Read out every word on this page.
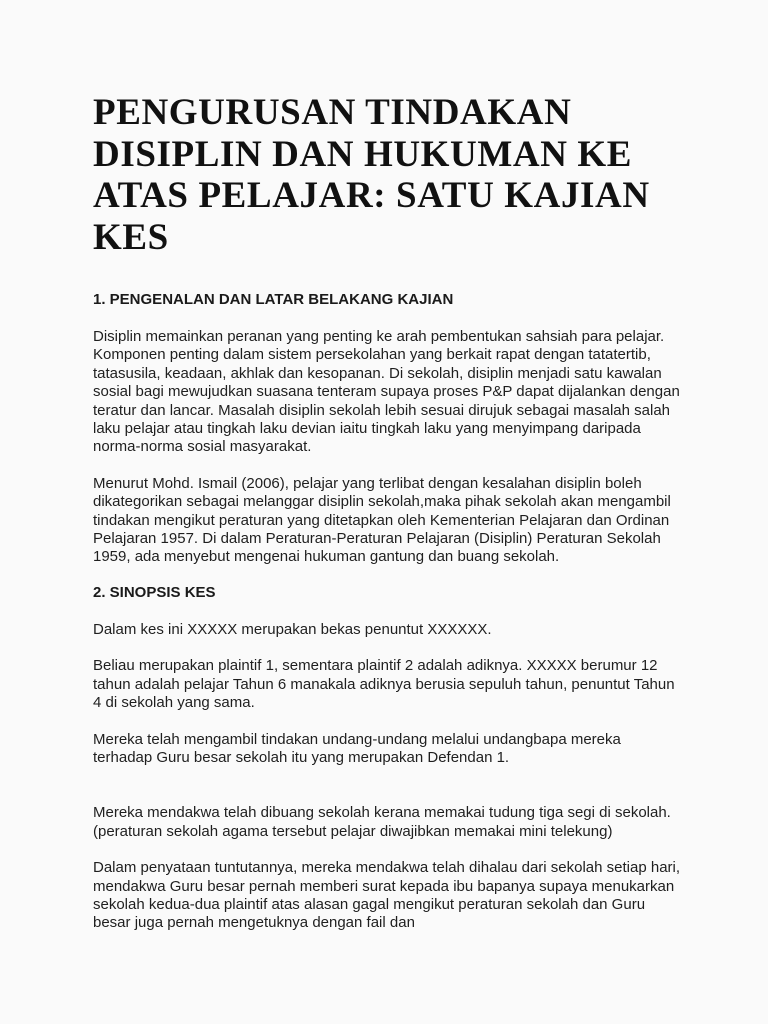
PENGURUSAN TINDAKAN DISIPLIN DAN HUKUMAN KE ATAS PELAJAR: SATU KAJIAN KES
1. PENGENALAN DAN LATAR BELAKANG KAJIAN

Disiplin memainkan peranan yang penting ke arah pembentukan sahsiah para pelajar. Komponen penting dalam sistem persekolahan yang berkait rapat dengan tatatertib, tatasusila, keadaan, akhlak dan kesopanan. Di sekolah, disiplin menjadi satu kawalan sosial bagi mewujudkan suasana tenteram supaya proses P&P dapat dijalankan dengan teratur dan lancar. Masalah disiplin sekolah lebih sesuai dirujuk sebagai masalah salah laku pelajar atau tingkah laku devian iaitu tingkah laku yang menyimpang daripada norma-norma sosial masyarakat.

Menurut Mohd. Ismail (2006), pelajar yang terlibat dengan kesalahan disiplin boleh dikategorikan sebagai melanggar disiplin sekolah,maka pihak sekolah akan mengambil tindakan mengikut peraturan yang ditetapkan oleh Kementerian Pelajaran dan Ordinan Pelajaran 1957. Di dalam Peraturan-Peraturan Pelajaran (Disiplin) Peraturan Sekolah 1959, ada menyebut mengenai hukuman gantung dan buang sekolah.

2. SINOPSIS KES

Dalam kes ini XXXXX merupakan bekas penuntut XXXXXX.

Beliau merupakan plaintif 1, sementara plaintif 2 adalah adiknya. XXXXX berumur 12 tahun adalah pelajar Tahun 6 manakala adiknya berusia sepuluh tahun, penuntut Tahun 4 di sekolah yang sama.

Mereka telah mengambil tindakan undang-undang melalui undangbapa mereka terhadap Guru besar sekolah itu yang merupakan Defendan 1.

Mereka mendakwa telah dibuang sekolah kerana memakai tudung tiga segi di sekolah. (peraturan sekolah agama tersebut pelajar diwajibkan memakai mini telekung)

Dalam penyataan tuntutannya, mereka mendakwa telah dihalau dari sekolah setiap hari, mendakwa Guru besar pernah memberi surat kepada ibu bapanya supaya menukarkan sekolah kedua-dua plaintif atas alasan gagal mengikut peraturan sekolah dan Guru besar juga pernah mengetuknya dengan fail dan
